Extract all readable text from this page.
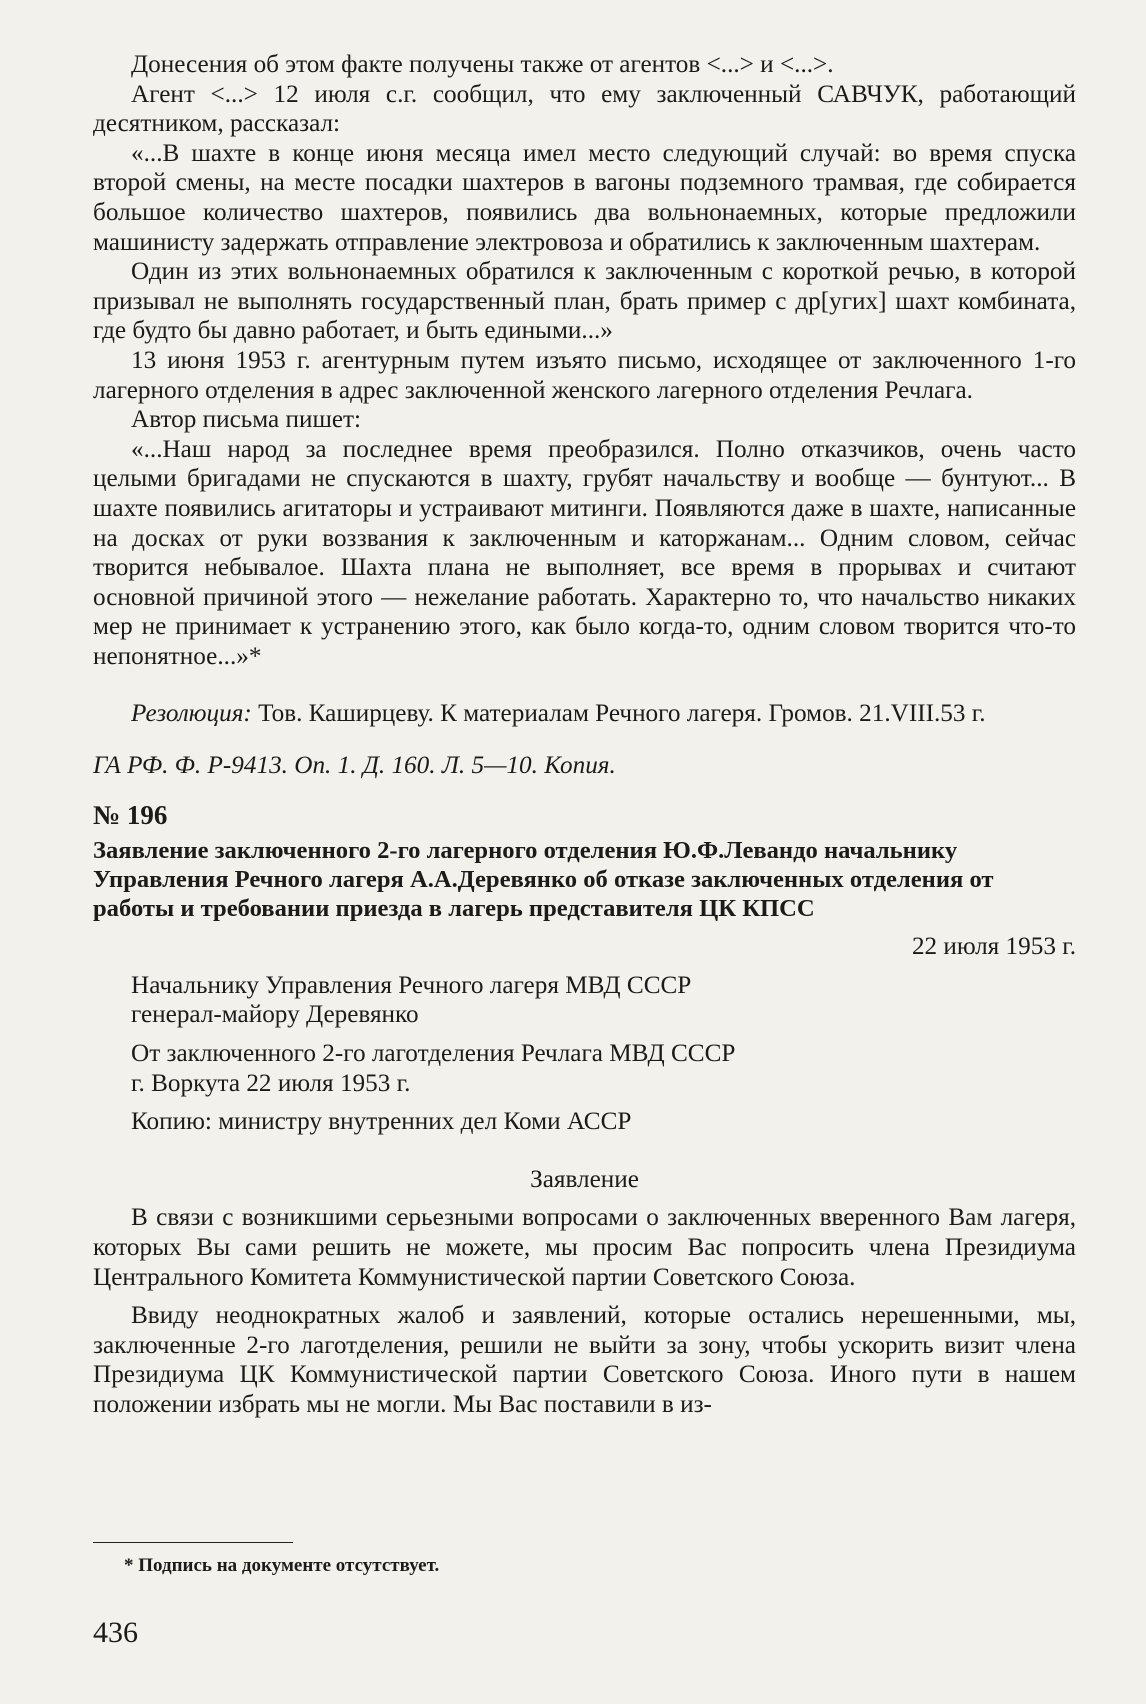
Донесения об этом факте получены также от агентов <...> и <...>.

Агент <...> 12 июля с.г. сообщил, что ему заключенный САВЧУК, работающий десятником, рассказал:

«...В шахте в конце июня месяца имел место следующий случай: во время спуска второй смены, на месте посадки шахтеров в вагоны подземного трамвая, где собирается большое количество шахтеров, появились два вольнонаемных, которые предложили машинисту задержать отправление электровоза и обратились к заключенным шахтерам.

Один из этих вольнонаемных обратился к заключенным с короткой речью, в которой призывал не выполнять государственный план, брать пример с др[угих] шахт комбината, где будто бы давно работает, и быть едиными...»

13 июня 1953 г. агентурным путем изъято письмо, исходящее от заключенного 1-го лагерного отделения в адрес заключенной женского лагерного отделения Речлага.

Автор письма пишет:

«...Наш народ за последнее время преобразился. Полно отказчиков, очень часто целыми бригадами не спускаются в шахту, грубят начальству и вообще — бунтуют... В шахте появились агитаторы и устраивают митинги. Появляются даже в шахте, написанные на досках от руки воззвания к заключенным и каторжанам... Одним словом, сейчас творится небывалое. Шахта плана не выполняет, все время в прорывах и считают основной причиной этого — нежелание работать. Характерно то, что начальство никаких мер не принимает к устранению этого, как было когда-то, одним словом творится что-то непонятное...»*

Резолюция: Тов. Каширцеву. К материалам Речного лагеря. Громов. 21.VIII.53 г.

ГА РФ. Ф. Р-9413. Оп. 1. Д. 160. Л. 5—10. Копия.

№ 196

Заявление заключенного 2-го лагерного отделения Ю.Ф.Левандо начальнику Управления Речного лагеря А.А.Деревянко об отказе заключенных отделения от работы и требовании приезда в лагерь представителя ЦК КПСС

22 июля 1953 г.

Начальнику Управления Речного лагеря МВД СССР

генерал-майору Деревянко

От заключенного 2-го лаготделения Речлага МВД СССР

г. Воркута 22 июля 1953 г.

Копию: министру внутренних дел Коми АССР

Заявление

В связи с возникшими серьезными вопросами о заключенных вверенного Вам лагеря, которых Вы сами решить не можете, мы просим Вас попросить члена Президиума Центрального Комитета Коммунистической партии Советского Союза.

Ввиду неоднократных жалоб и заявлений, которые остались нерешенными, мы, заключенные 2-го лаготделения, решили не выйти за зону, чтобы ускорить визит члена Президиума ЦК Коммунистической партии Советского Союза. Иного пути в нашем положении избрать мы не могли. Мы Вас поставили в из-

* Подпись на документе отсутствует.
436
